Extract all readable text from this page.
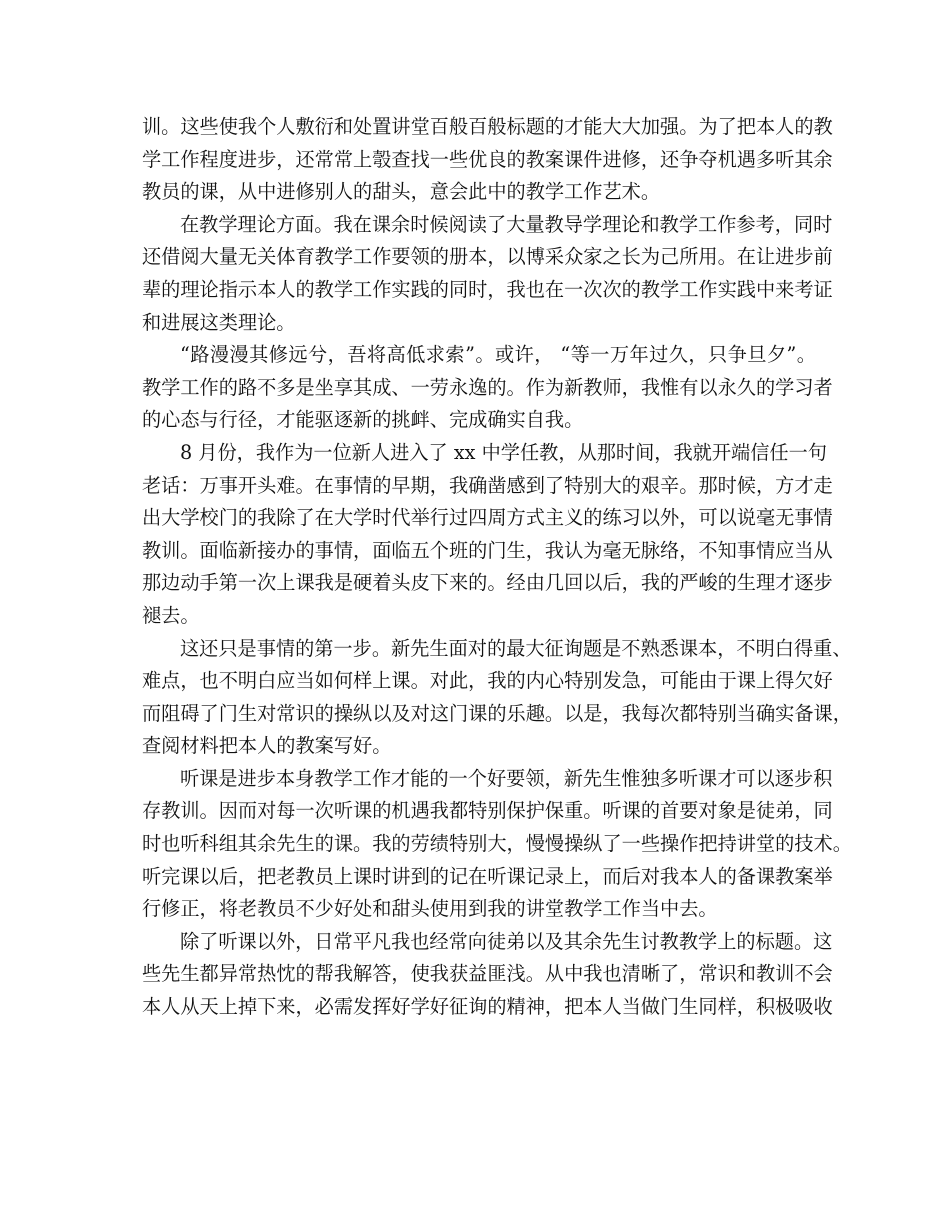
训。这些使我个人敷衍和处置讲堂百般百般标题的才能大大加强。为了把本人的教
学工作程度进步，还常常上彀查找一些优良的教案课件进修，还争夺机遇多听其余
教员的课，从中进修别人的甜头，意会此中的教学工作艺术。
在教学理论方面。我在课余时候阅读了大量教导学理论和教学工作参考，同时
还借阅大量无关体育教学工作要领的册本，以博采众家之长为己所用。在让进步前
辈的理论指示本人的教学工作实践的同时，我也在一次次的教学工作实践中来考证
和进展这类理论。
“路漫漫其修远兮，吾将高低求索”。或许， “等一万年过久，只争旦夕”。
教学工作的路不多是坐享其成、一劳永逸的。作为新教师，我惟有以永久的学习者
的心态与行径，才能驱逐新的挑衅、完成确实自我。
8 月份，我作为一位新人进入了 xx 中学任教，从那时间，我就开端信任一句
老话：万事开头难。在事情的早期，我确凿感到了特别大的艰辛。那时候，方才走
出大学校门的我除了在大学时代举行过四周方式主义的练习以外，可以说毫无事情
教训。面临新接办的事情，面临五个班的门生，我认为毫无脉络，不知事情应当从
那边动手第一次上课我是硬着头皮下来的。经由几回以后，我的严峻的生理才逐步
褪去。
这还只是事情的第一步。新先生面对的最大征询题是不熟悉课本，不明白得重、
难点，也不明白应当如何样上课。对此，我的内心特别发急，可能由于课上得欠好
而阻碍了门生对常识的操纵以及对这门课的乐趣。以是，我每次都特别当确实备课，
查阅材料把本人的教案写好。
听课是进步本身教学工作才能的一个好要领，新先生惟独多听课才可以逐步积
存教训。因而对每一次听课的机遇我都特别保护保重。听课的首要对象是徒弟，同
时也听科组其余先生的课。我的劳绩特别大，慢慢操纵了一些操作把持讲堂的技术。
听完课以后，把老教员上课时讲到的记在听课记录上，而后对我本人的备课教案举
行修正，将老教员不少好处和甜头使用到我的讲堂教学工作当中去。
除了听课以外，日常平凡我也经常向徒弟以及其余先生讨教教学上的标题。这
些先生都异常热忱的帮我解答，使我获益匪浅。从中我也清晰了，常识和教训不会
本人从天上掉下来，必需发挥好学好征询的精神，把本人当做门生同样，积极吸收
